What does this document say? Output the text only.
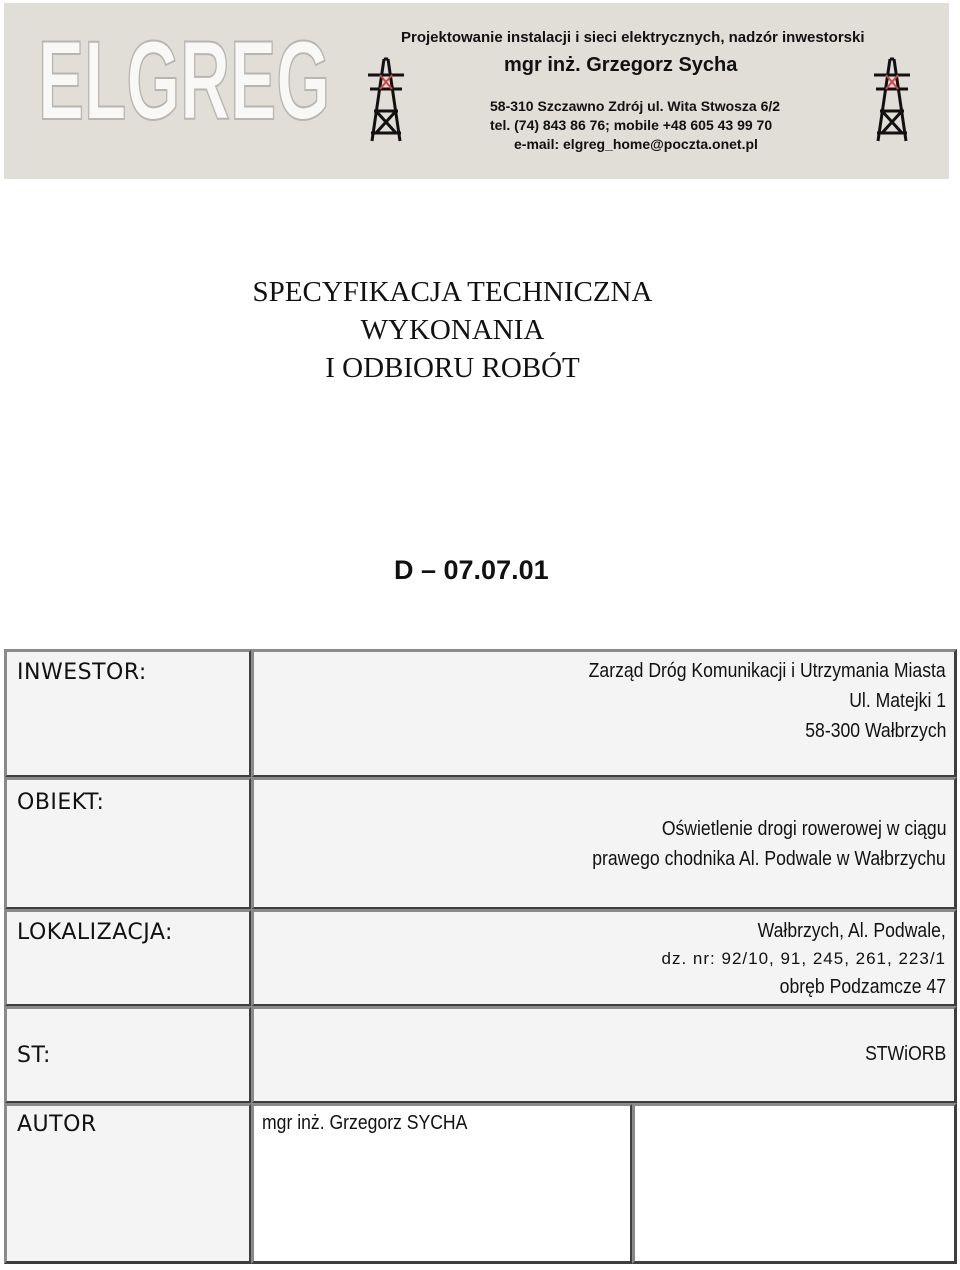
ELGREG	Projektowanie instalacji i sieci elektrycznych, nadzór inwestorski
mgr inż. Grzegorz Sycha
58-310 Szczawno Zdrój ul. Wita Stwosza 6/2
tel. (74) 843 86 76; mobile +48 605 43 99 70
e-mail: elgreg_home@poczta.onet.pl
SPECYFIKACJA TECHNICZNA
WYKONANIA
I ODBIORU ROBÓT
D – 07.07.01
INWESTOR:	Zarząd Dróg Komunikacji i Utrzymania Miasta
Ul. Matejki 1
58-300 Wałbrzych
OBIEKT:
Oświetlenie drogi rowerowej w ciągu
prawego chodnika Al. Podwale w Wałbrzychu
LOKALIZACJA:	Wałbrzych, Al. Podwale,
dz. nr: 92/10, 91, 245, 261, 223/1
obręb Podzamcze 47
ST:	STWiORB
AUTOR	mgr inż. Grzegorz SYCHA
